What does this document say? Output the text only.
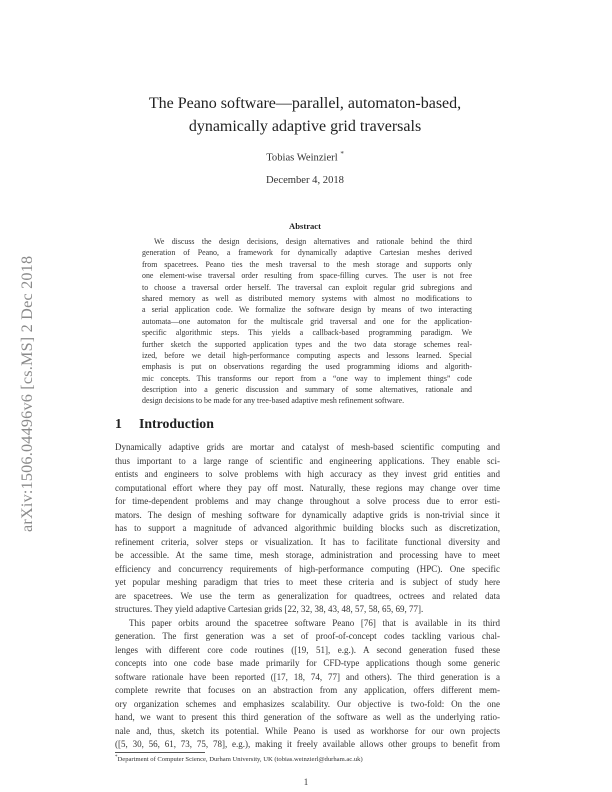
arXiv:1506.04496v6 [cs.MS] 2 Dec 2018
The Peano software—parallel, automaton-based,
dynamically adaptive grid traversals
Tobias Weinzierl *
December 4, 2018
Abstract
We discuss the design decisions, design alternatives and rationale behind the third
generation of Peano, a framework for dynamically adaptive Cartesian meshes derived
from spacetrees. Peano ties the mesh traversal to the mesh storage and supports only
one element-wise traversal order resulting from space-filling curves. The user is not free
to choose a traversal order herself. The traversal can exploit regular grid subregions and
shared memory as well as distributed memory systems with almost no modifications to
a serial application code. We formalize the software design by means of two interacting
automata—one automaton for the multiscale grid traversal and one for the application-
specific algorithmic steps. This yields a callback-based programming paradigm. We
further sketch the supported application types and the two data storage schemes real-
ized, before we detail high-performance computing aspects and lessons learned. Special
emphasis is put on observations regarding the used programming idioms and algorith-
mic concepts. This transforms our report from a “one way to implement things” code
description into a generic discussion and summary of some alternatives, rationale and
design decisions to be made for any tree-based adaptive mesh refinement software.
1 Introduction
Dynamically adaptive grids are mortar and catalyst of mesh-based scientific computing and
thus important to a large range of scientific and engineering applications. They enable sci-
entists and engineers to solve problems with high accuracy as they invest grid entities and
computational effort where they pay off most. Naturally, these regions may change over time
for time-dependent problems and may change throughout a solve process due to error esti-
mators. The design of meshing software for dynamically adaptive grids is non-trivial since it
has to support a magnitude of advanced algorithmic building blocks such as discretization,
refinement criteria, solver steps or visualization. It has to facilitate functional diversity and
be accessible. At the same time, mesh storage, administration and processing have to meet
efficiency and concurrency requirements of high-performance computing (HPC). One specific
yet popular meshing paradigm that tries to meet these criteria and is subject of study here
are spacetrees. We use the term as generalization for quadtrees, octrees and related data
structures. They yield adaptive Cartesian grids [22, 32, 38, 43, 48, 57, 58, 65, 69, 77].
This paper orbits around the spacetree software Peano [76] that is available in its third
generation. The first generation was a set of proof-of-concept codes tackling various chal-
lenges with different core code routines ([19, 51], e.g.). A second generation fused these
concepts into one code base made primarily for CFD-type applications though some generic
software rationale have been reported ([17, 18, 74, 77] and others). The third generation is a
complete rewrite that focuses on an abstraction from any application, offers different mem-
ory organization schemes and emphasizes scalability. Our objective is two-fold: On the one
hand, we want to present this third generation of the software as well as the underlying ratio-
nale and, thus, sketch its potential. While Peano is used as workhorse for our own projects
([5, 30, 56, 61, 73, 75, 78], e.g.), making it freely available allows other groups to benefit from
*Department of Computer Science, Durham University, UK (tobias.weinzierl@durham.ac.uk)
1
